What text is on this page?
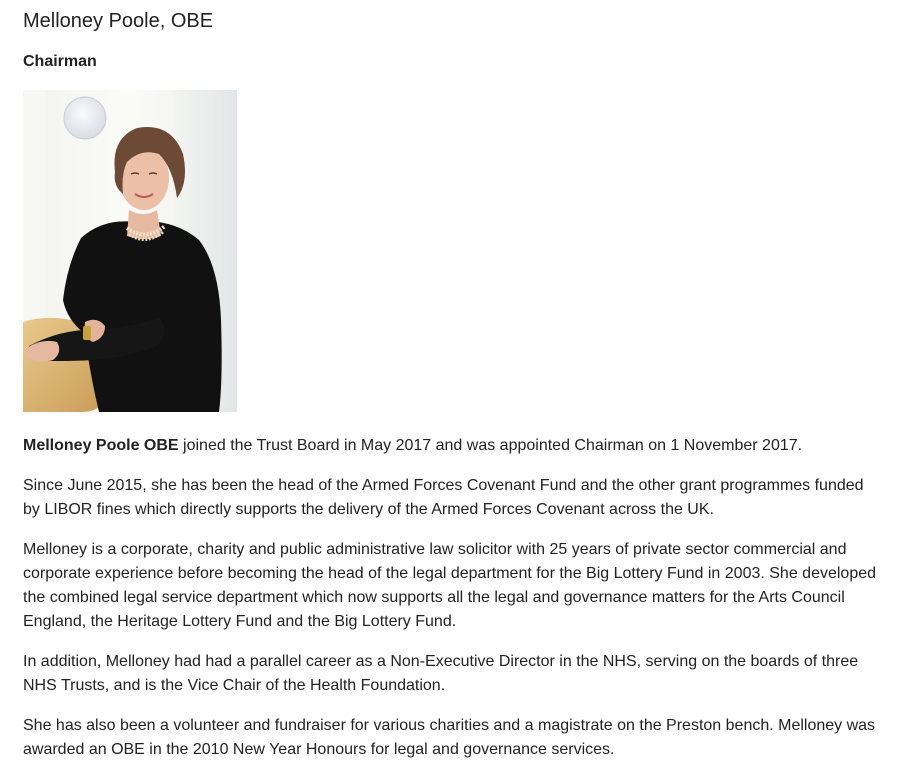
Melloney Poole, OBE
Chairman

Melloney Poole OBE joined the Trust Board in May 2017 and was appointed Chairman on 1 November 2017.

Since June 2015, she has been the head of the Armed Forces Covenant Fund and the other grant programmes funded by LIBOR fines which directly supports the delivery of the Armed Forces Covenant across the UK.

Melloney is a corporate, charity and public administrative law solicitor with 25 years of private sector commercial and corporate experience before becoming the head of the legal department for the Big Lottery Fund in 2003. She developed the combined legal service department which now supports all the legal and governance matters for the Arts Council England, the Heritage Lottery Fund and the Big Lottery Fund.

In addition, Melloney had had a parallel career as a Non-Executive Director in the NHS, serving on the boards of three NHS Trusts, and is the Vice Chair of the Health Foundation.

She has also been a volunteer and fundraiser for various charities and a magistrate on the Preston bench. Melloney was awarded an OBE in the 2010 New Year Honours for legal and governance services.
